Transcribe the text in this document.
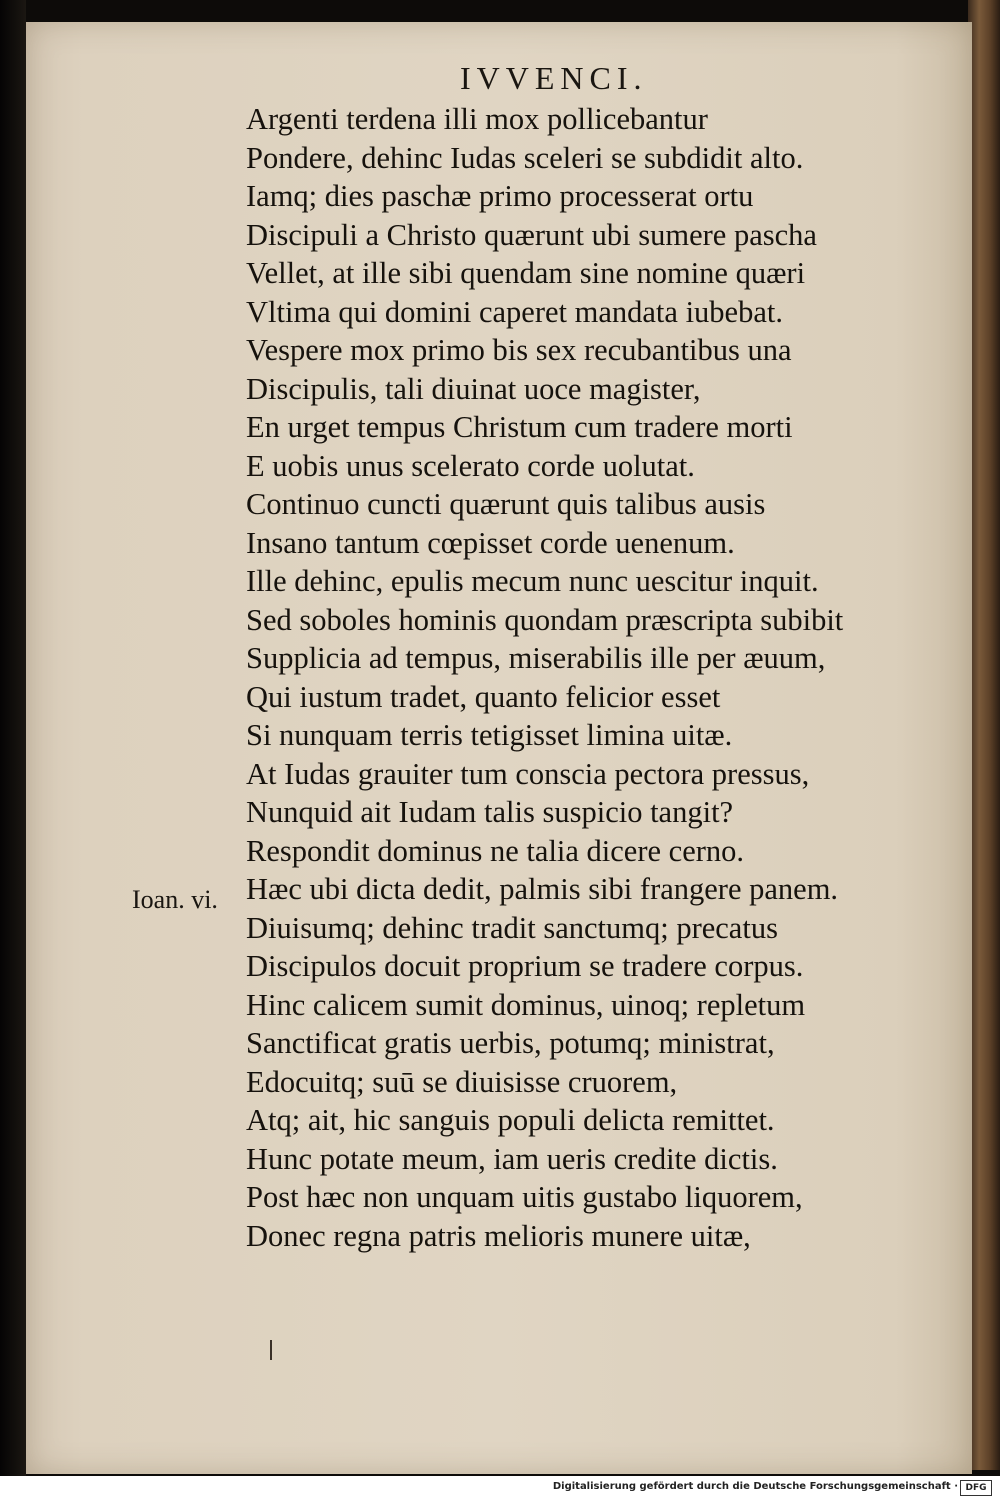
IVVENCI.
Ioan. vi.
Argenti terdena illi mox pollicebantur
Pondere, dehinc Iudas sceleri se subdidit alto.
Iamq; dies paschæ primo processerat ortu
Discipuli a Christo quærunt ubi sumere pascha
Vellet, at ille sibi quendam sine nomine quæri
Vltima qui domini caperet mandata iubebat.
Vespere mox primo bis sex recubantibus una
Discipulis, tali diuinat uoce magister,
En urget tempus Christum cum tradere morti
E uobis unus scelerato corde uolutat.
Continuo cuncti quærunt quis talibus ausis
Insano tantum cœpisset corde uenenum.
Ille dehinc, epulis mecum nunc uescitur inquit.
Sed soboles hominis quondam præscripta subibit
Supplicia ad tempus, miserabilis ille per æuum,
Qui iustum tradet, quanto felicior esset
Si nunquam terris tetigisset limina uitæ.
At Iudas grauiter tum conscia pectora pressus,
Nunquid ait Iudam talis suspicio tangit?
Respondit dominus ne talia dicere cerno.
Hæc ubi dicta dedit, palmis sibi frangere panem.
Diuisumq; dehinc tradit sanctumq; precatus
Discipulos docuit proprium se tradere corpus.
Hinc calicem sumit dominus, uinoq; repletum
Sanctificat gratis uerbis, potumq; ministrat,
Edocuitq; suū se diuisisse cruorem,
Atq; ait, hic sanguis populi delicta remittet.
Hunc potate meum, iam ueris credite dictis.
Post hæc non unquam uitis gustabo liquorem,
Donec regna patris melioris munere uitæ,
Digitalisierung gefördert durch die Deutsche Forschungsgemeinschaft · DFG
